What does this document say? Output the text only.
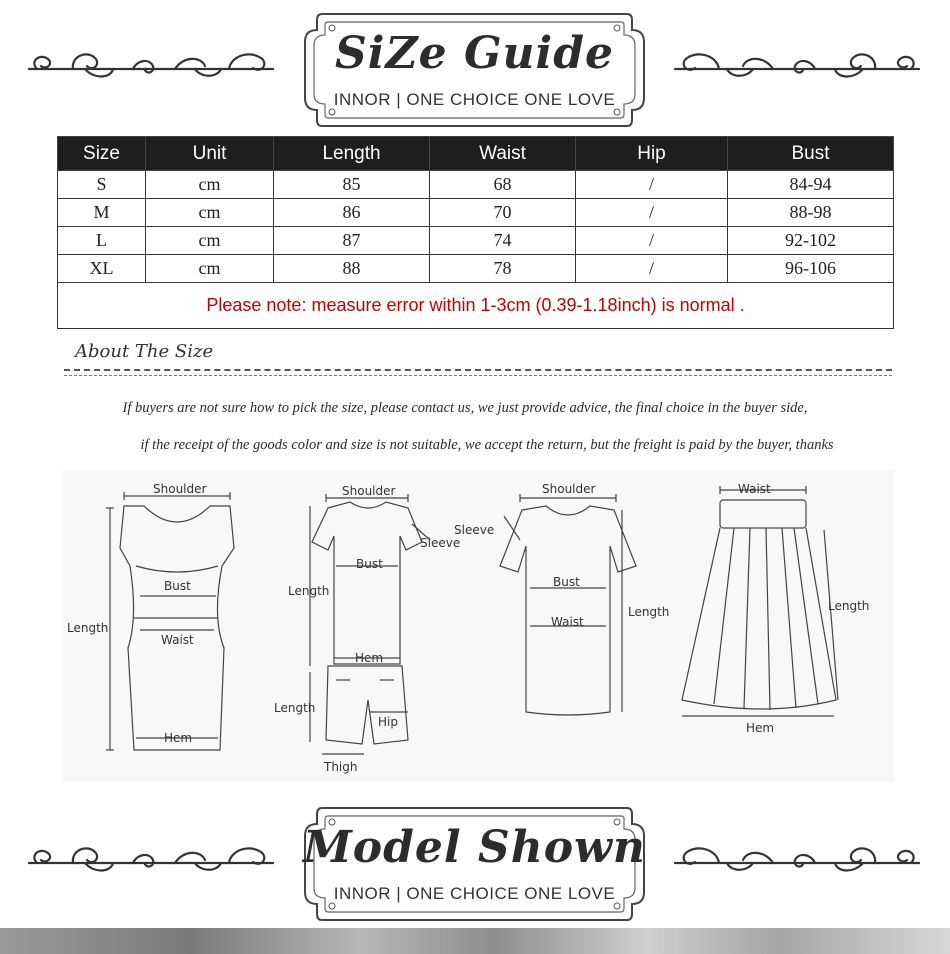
SiZe Guide
INNOR | ONE CHOICE ONE LOVE
Size	Unit	Length	Waist	Hip	Bust
S	cm	85	68	/	84-94
M	cm	86	70	/	88-98
L	cm	87	74	/	92-102
XL	cm	88	78	/	96-106
Please note: measure error within 1-3cm (0.39-1.18inch) is normal .					
About The Size
If buyers are not sure how to pick the size, please contact us, we just provide advice, the final choice in the buyer side,
if the receipt of the goods color and size is not suitable, we accept the return, but the freight is paid by the buyer, thanks
Shoulder
Bust
Waist
Length
Hem
Shoulder
Sleeve
Bust
Length
Hem
Length
Hip
Thigh
Shoulder
Sleeve
Bust
Waist
Length
Waist
Length
Hem
Model Shown
INNOR | ONE CHOICE ONE LOVE
